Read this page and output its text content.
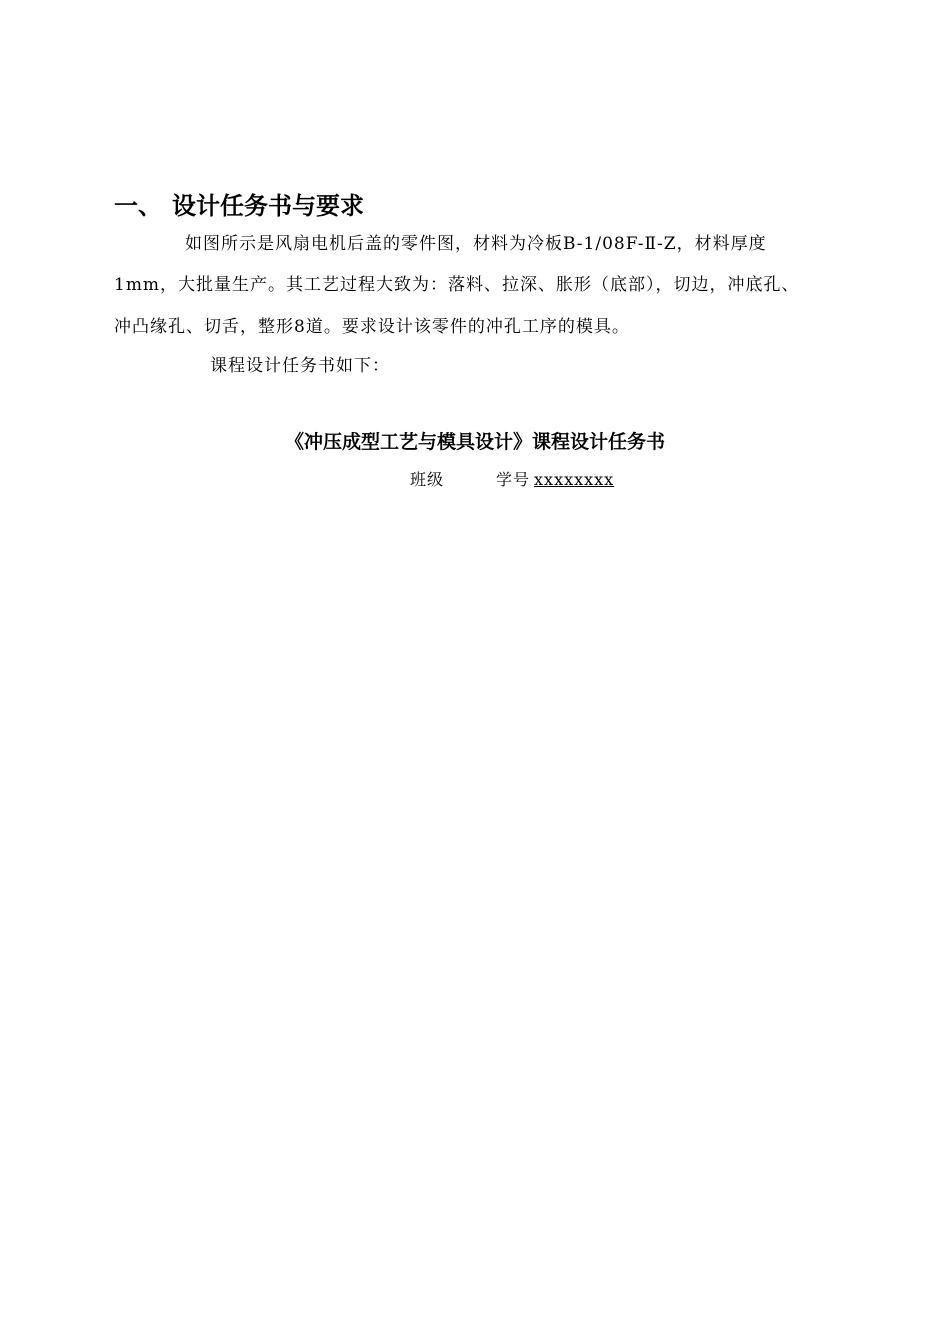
一、 设计任务书与要求
如图所示是风扇电机后盖的零件图，材料为冷板B-1/08F-Ⅱ-Z，材料厚度
1mm，大批量生产。其工艺过程大致为：落料、拉深、胀形（底部），切边，冲底孔、
冲凸缘孔、切舌，整形8道。要求设计该零件的冲孔工序的模具。
课程设计任务书如下：
《冲压成型工艺与模具设计》课程设计任务书
班级	学号 xxxxxxxx
